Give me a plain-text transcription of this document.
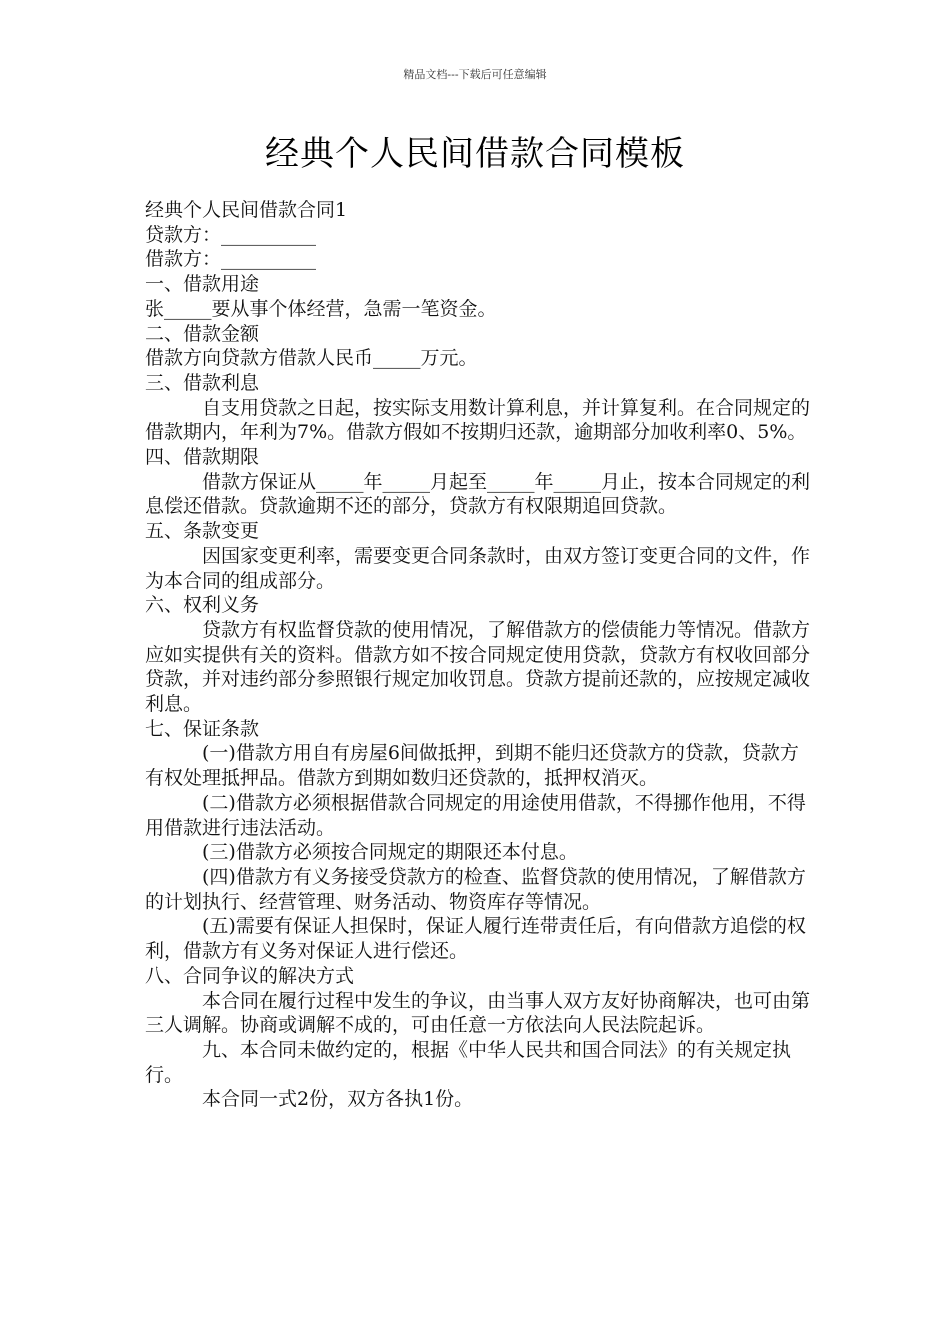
精品文档---下载后可任意编辑
经典个人民间借款合同模板

经典个人民间借款合同1

贷款方：__________

借款方：__________

一、借款用途

张_____要从事个体经营，急需一笔资金。

二、借款金额

借款方向贷款方借款人民币_____万元。

三、借款利息

自支用贷款之日起，按实际支用数计算利息，并计算复利。在合同规定的借款期内，年利为7%。借款方假如不按期归还款，逾期部分加收利率0、5%。

四、借款期限

借款方保证从_____年_____月起至_____年_____月止，按本合同规定的利息偿还借款。贷款逾期不还的部分，贷款方有权限期追回贷款。

五、条款变更

因国家变更利率，需要变更合同条款时，由双方签订变更合同的文件，作为本合同的组成部分。

六、权利义务

贷款方有权监督贷款的使用情况，了解借款方的偿债能力等情况。借款方应如实提供有关的资料。借款方如不按合同规定使用贷款，贷款方有权收回部分贷款，并对违约部分参照银行规定加收罚息。贷款方提前还款的，应按规定减收利息。

七、保证条款

(一)借款方用自有房屋6间做抵押，到期不能归还贷款方的贷款，贷款方有权处理抵押品。借款方到期如数归还贷款的，抵押权消灭。

(二)借款方必须根据借款合同规定的用途使用借款，不得挪作他用，不得用借款进行违法活动。

(三)借款方必须按合同规定的期限还本付息。

(四)借款方有义务接受贷款方的检查、监督贷款的使用情况，了解借款方的计划执行、经营管理、财务活动、物资库存等情况。

(五)需要有保证人担保时，保证人履行连带责任后，有向借款方追偿的权利，借款方有义务对保证人进行偿还。

八、合同争议的解决方式

本合同在履行过程中发生的争议，由当事人双方友好协商解决，也可由第三人调解。协商或调解不成的，可由任意一方依法向人民法院起诉。

九、本合同未做约定的，根据《中华人民共和国合同法》的有关规定执行。

本合同一式2份，双方各执1份。
